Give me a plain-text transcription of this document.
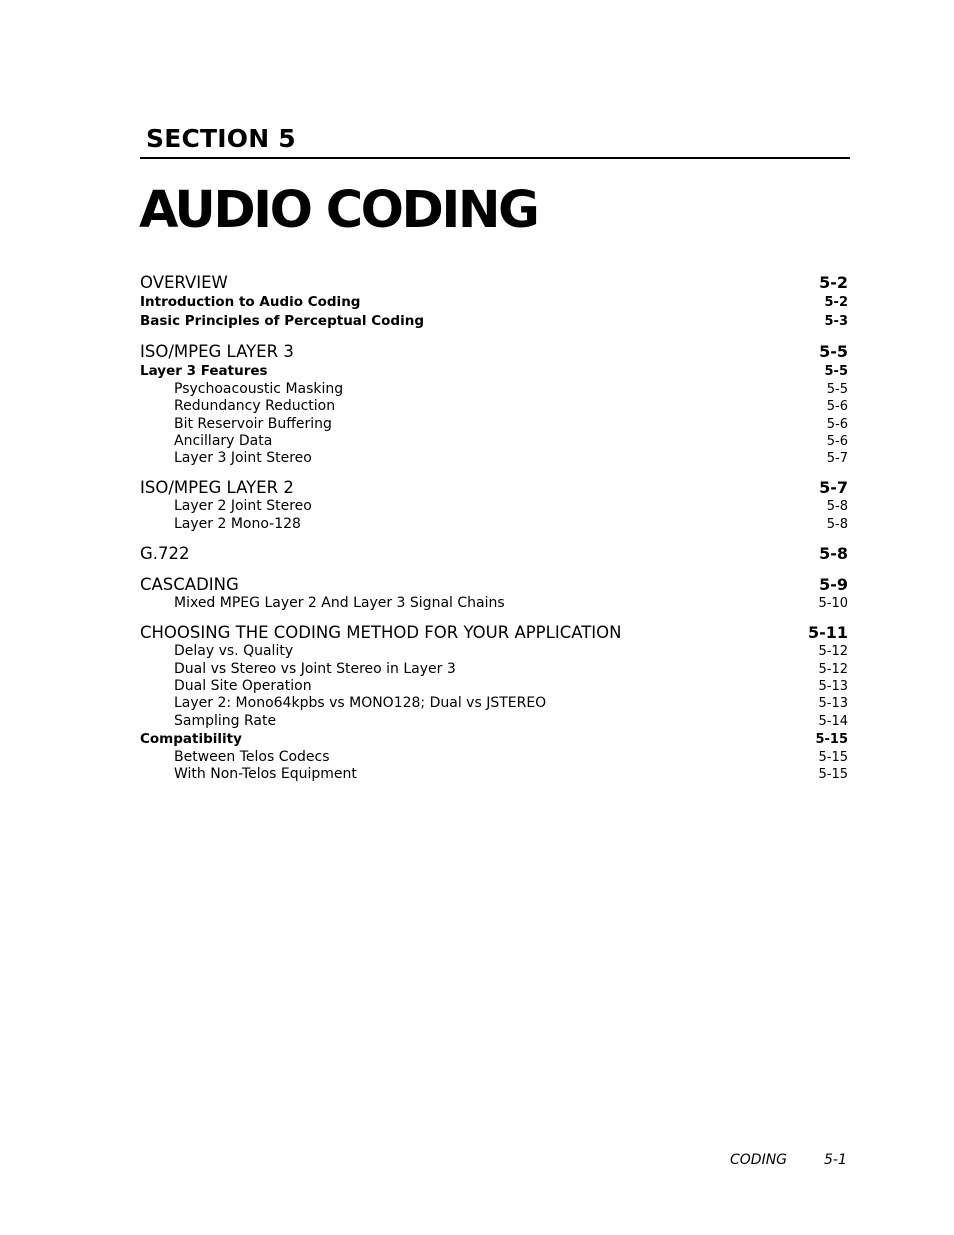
SECTION 5
AUDIO CODING
OVERVIEW	5-2
Introduction to Audio Coding	5-2
Basic Principles of Perceptual Coding	5-3
ISO/MPEG LAYER 3	5-5
Layer 3 Features	5-5
Psychoacoustic Masking	5-5
Redundancy Reduction	5-6
Bit Reservoir Buffering	5-6
Ancillary Data	5-6
Layer 3 Joint Stereo	5-7
ISO/MPEG LAYER 2	5-7
Layer 2 Joint Stereo	5-8
Layer 2 Mono-128	5-8
G.722	5-8
CASCADING	5-9
Mixed MPEG Layer 2 And Layer 3 Signal Chains	5-10
CHOOSING THE CODING METHOD FOR YOUR APPLICATION	5-11
Delay vs. Quality	5-12
Dual vs Stereo vs Joint Stereo in Layer 3	5-12
Dual Site Operation	5-13
Layer 2: Mono64kpbs vs MONO128; Dual vs JSTEREO	5-13
Sampling Rate	5-14
Compatibility	5-15
Between Telos Codecs	5-15
With Non-Telos Equipment	5-15
CODING	5-1
